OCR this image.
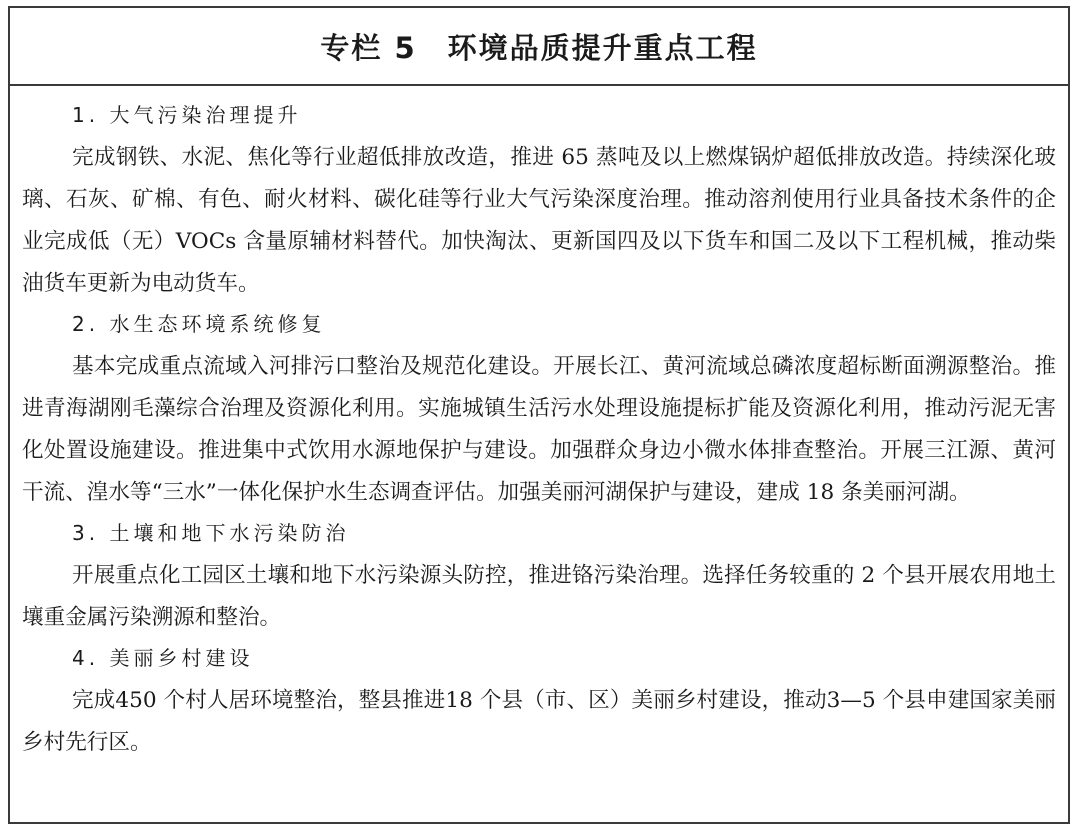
专栏 5　环境品质提升重点工程
1. 大气污染治理提升

完成钢铁、水泥、焦化等行业超低排放改造，推进 65 蒸吨及以上燃煤锅炉超低排放改造。持续深化玻璃、石灰、矿棉、有色、耐火材料、碳化硅等行业大气污染深度治理。推动溶剂使用行业具备技术条件的企业完成低（无）VOCs 含量原辅材料替代。加快淘汰、更新国四及以下货车和国二及以下工程机械，推动柴油货车更新为电动货车。

2. 水生态环境系统修复

基本完成重点流域入河排污口整治及规范化建设。开展长江、黄河流域总磷浓度超标断面溯源整治。推进青海湖刚毛藻综合治理及资源化利用。实施城镇生活污水处理设施提标扩能及资源化利用，推动污泥无害化处置设施建设。推进集中式饮用水源地保护与建设。加强群众身边小微水体排查整治。开展三江源、黄河干流、湟水等“三水”一体化保护水生态调查评估。加强美丽河湖保护与建设，建成 18 条美丽河湖。

3. 土壤和地下水污染防治

开展重点化工园区土壤和地下水污染源头防控，推进铬污染治理。选择任务较重的 2 个县开展农用地土壤重金属污染溯源和整治。

4. 美丽乡村建设

完成450 个村人居环境整治，整县推进18 个县（市、区）美丽乡村建设，推动3—5 个县申建国家美丽乡村先行区。
